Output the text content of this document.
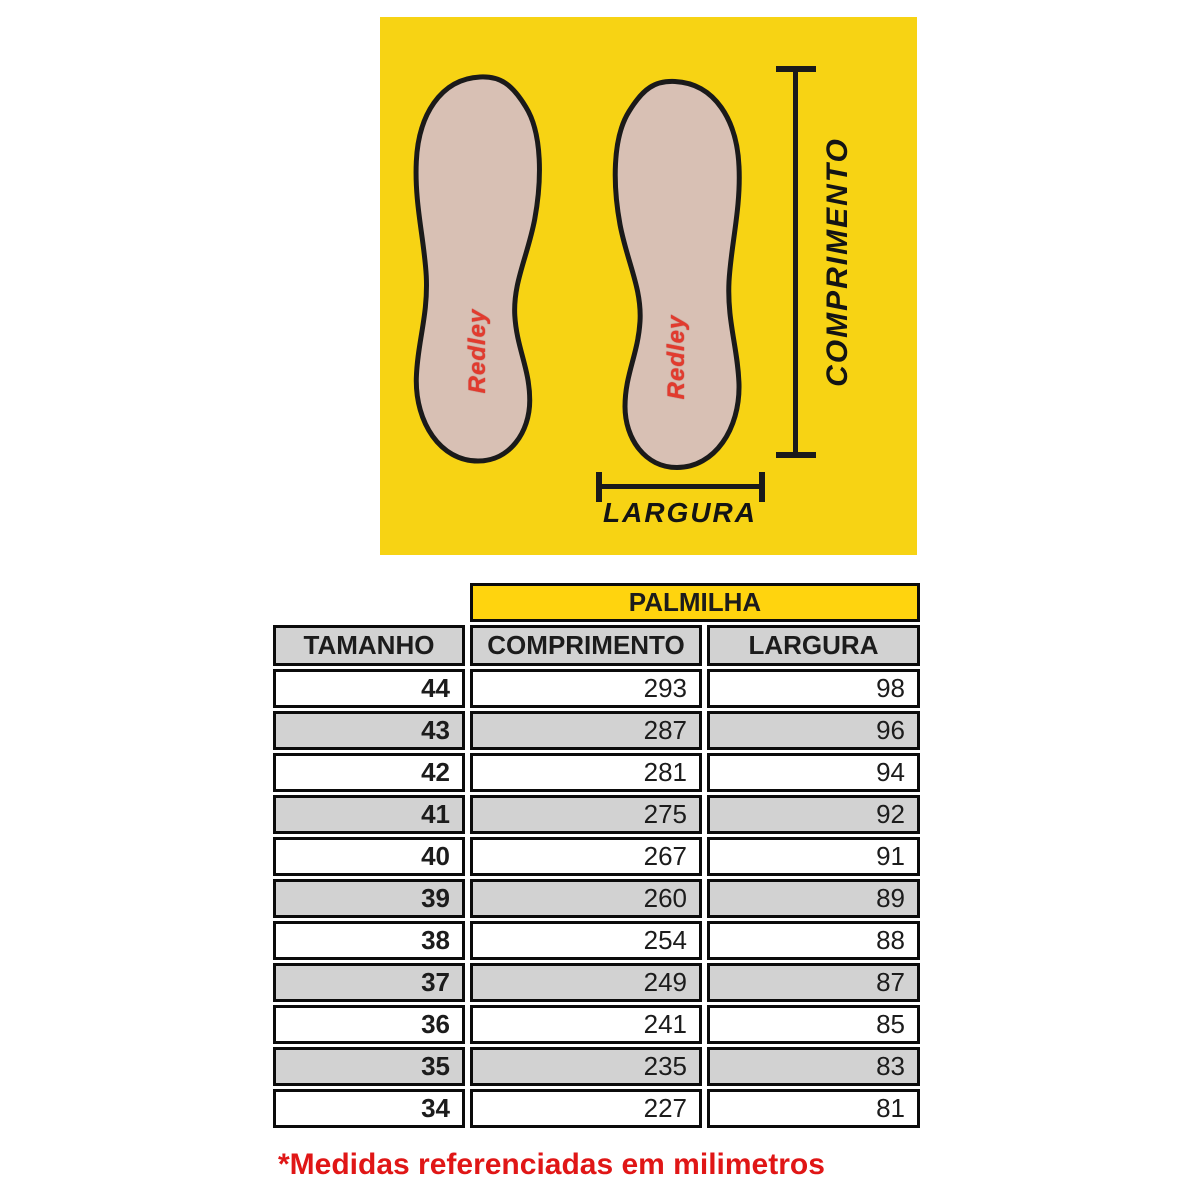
Redley	Redley	COMPRIMENTO
LARGURA
	PALMILHA	
TAMANHO	COMPRIMENTO	LARGURA
44	293	98
43	287	96
42	281	94
41	275	92
40	267	91
39	260	89
38	254	88
37	249	87
36	241	85
35	235	83
34	227	81
*Medidas referenciadas em milimetros
